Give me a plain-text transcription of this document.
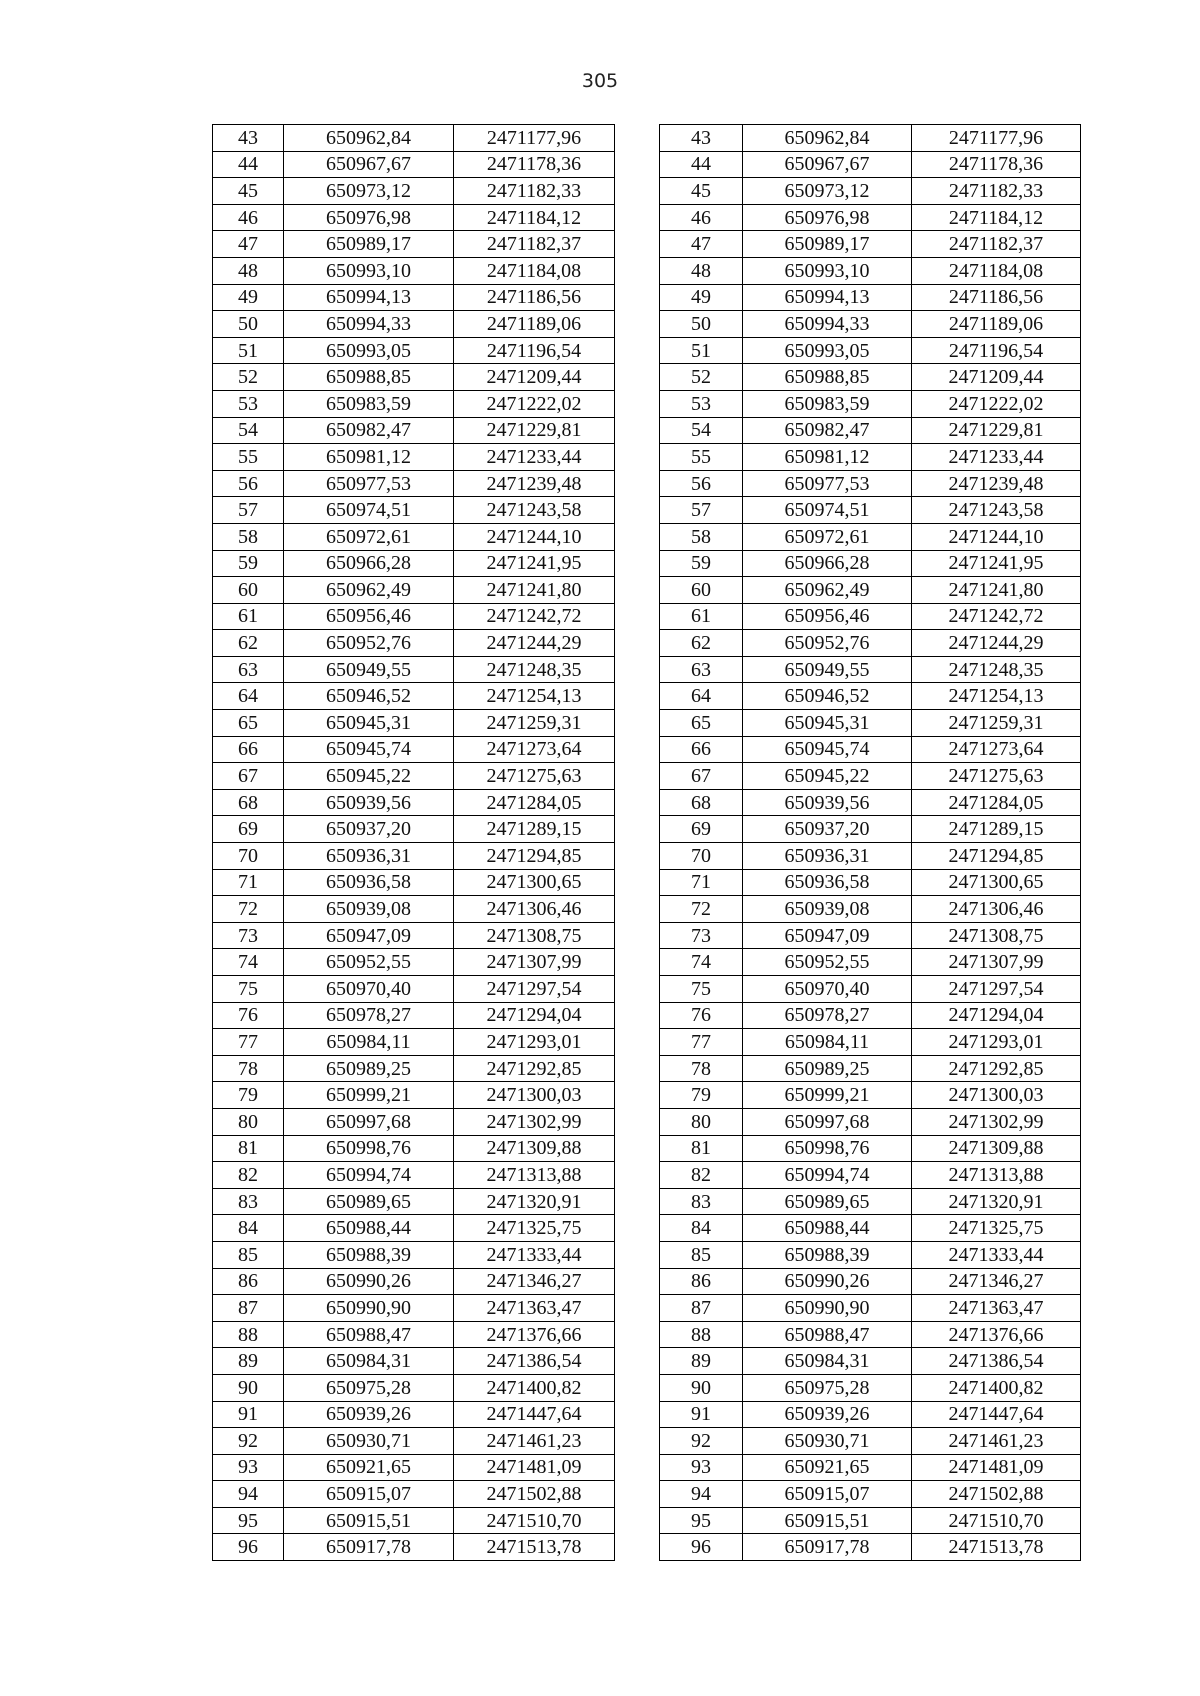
305
43	650962,84	2471177,96		43	650962,84	2471177,96
44	650967,67	2471178,36		44	650967,67	2471178,36
45	650973,12	2471182,33		45	650973,12	2471182,33
46	650976,98	2471184,12		46	650976,98	2471184,12
47	650989,17	2471182,37		47	650989,17	2471182,37
48	650993,10	2471184,08		48	650993,10	2471184,08
49	650994,13	2471186,56		49	650994,13	2471186,56
50	650994,33	2471189,06		50	650994,33	2471189,06
51	650993,05	2471196,54		51	650993,05	2471196,54
52	650988,85	2471209,44		52	650988,85	2471209,44
53	650983,59	2471222,02		53	650983,59	2471222,02
54	650982,47	2471229,81		54	650982,47	2471229,81
55	650981,12	2471233,44		55	650981,12	2471233,44
56	650977,53	2471239,48		56	650977,53	2471239,48
57	650974,51	2471243,58		57	650974,51	2471243,58
58	650972,61	2471244,10		58	650972,61	2471244,10
59	650966,28	2471241,95		59	650966,28	2471241,95
60	650962,49	2471241,80		60	650962,49	2471241,80
61	650956,46	2471242,72		61	650956,46	2471242,72
62	650952,76	2471244,29		62	650952,76	2471244,29
63	650949,55	2471248,35		63	650949,55	2471248,35
64	650946,52	2471254,13		64	650946,52	2471254,13
65	650945,31	2471259,31		65	650945,31	2471259,31
66	650945,74	2471273,64		66	650945,74	2471273,64
67	650945,22	2471275,63		67	650945,22	2471275,63
68	650939,56	2471284,05		68	650939,56	2471284,05
69	650937,20	2471289,15		69	650937,20	2471289,15
70	650936,31	2471294,85		70	650936,31	2471294,85
71	650936,58	2471300,65		71	650936,58	2471300,65
72	650939,08	2471306,46		72	650939,08	2471306,46
73	650947,09	2471308,75		73	650947,09	2471308,75
74	650952,55	2471307,99		74	650952,55	2471307,99
75	650970,40	2471297,54		75	650970,40	2471297,54
76	650978,27	2471294,04		76	650978,27	2471294,04
77	650984,11	2471293,01		77	650984,11	2471293,01
78	650989,25	2471292,85		78	650989,25	2471292,85
79	650999,21	2471300,03		79	650999,21	2471300,03
80	650997,68	2471302,99		80	650997,68	2471302,99
81	650998,76	2471309,88		81	650998,76	2471309,88
82	650994,74	2471313,88		82	650994,74	2471313,88
83	650989,65	2471320,91		83	650989,65	2471320,91
84	650988,44	2471325,75		84	650988,44	2471325,75
85	650988,39	2471333,44		85	650988,39	2471333,44
86	650990,26	2471346,27		86	650990,26	2471346,27
87	650990,90	2471363,47		87	650990,90	2471363,47
88	650988,47	2471376,66		88	650988,47	2471376,66
89	650984,31	2471386,54		89	650984,31	2471386,54
90	650975,28	2471400,82		90	650975,28	2471400,82
91	650939,26	2471447,64		91	650939,26	2471447,64
92	650930,71	2471461,23		92	650930,71	2471461,23
93	650921,65	2471481,09		93	650921,65	2471481,09
94	650915,07	2471502,88		94	650915,07	2471502,88
95	650915,51	2471510,70		95	650915,51	2471510,70
96	650917,78	2471513,78		96	650917,78	2471513,78
